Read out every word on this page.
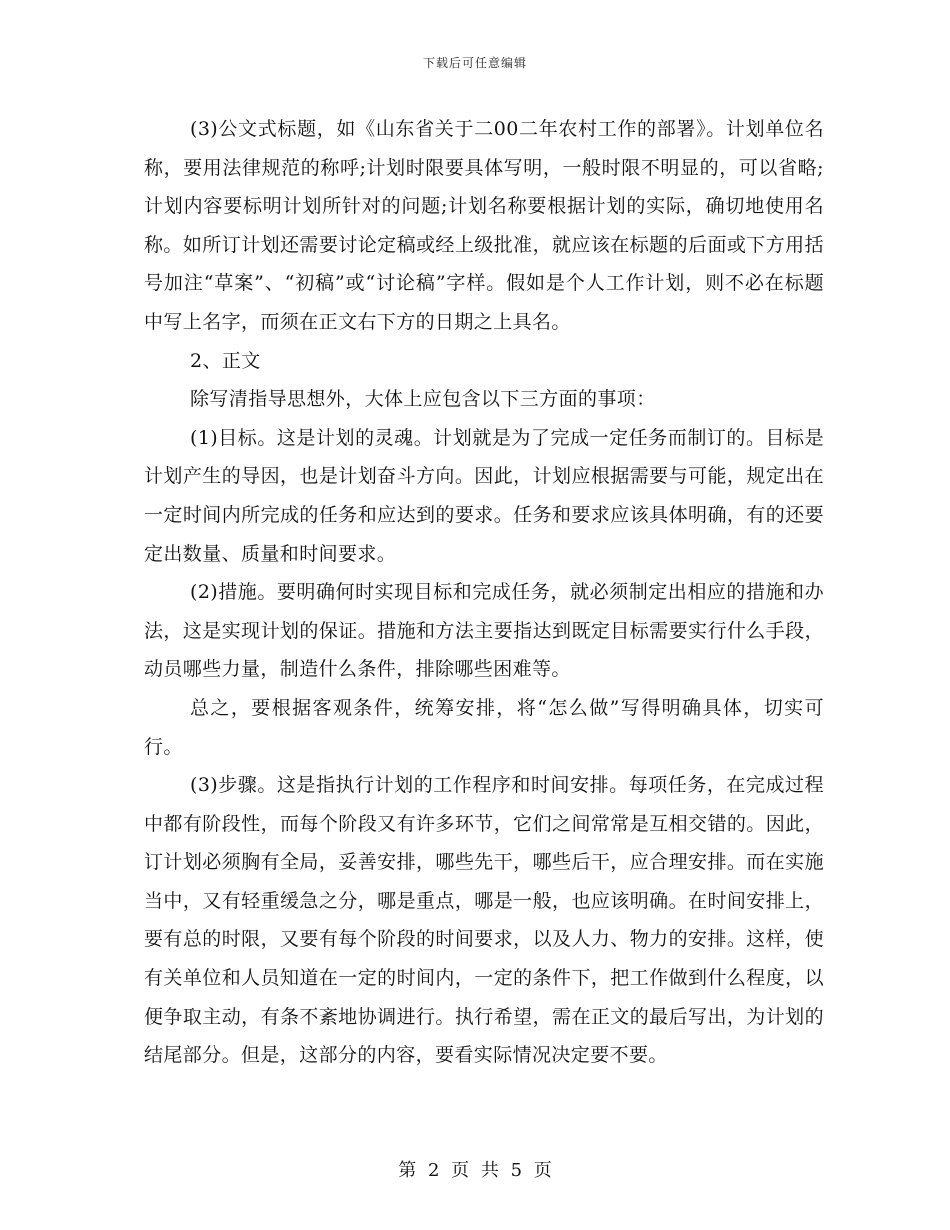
下载后可任意编辑

(3)公文式标题，如《山东省关于二00二年农村工作的部署》。计划单位名称，要用法律规范的称呼;计划时限要具体写明，一般时限不明显的，可以省略;计划内容要标明计划所针对的问题;计划名称要根据计划的实际，确切地使用名称。如所订计划还需要讨论定稿或经上级批准，就应该在标题的后面或下方用括号加注“草案”、“初稿”或“讨论稿”字样。假如是个人工作计划，则不必在标题中写上名字，而须在正文右下方的日期之上具名。

2、正文

除写清指导思想外，大体上应包含以下三方面的事项：

(1)目标。这是计划的灵魂。计划就是为了完成一定任务而制订的。目标是计划产生的导因，也是计划奋斗方向。因此，计划应根据需要与可能，规定出在一定时间内所完成的任务和应达到的要求。任务和要求应该具体明确，有的还要定出数量、质量和时间要求。

(2)措施。要明确何时实现目标和完成任务，就必须制定出相应的措施和办法，这是实现计划的保证。措施和方法主要指达到既定目标需要实行什么手段，动员哪些力量，制造什么条件，排除哪些困难等。

总之，要根据客观条件，统筹安排，将“怎么做”写得明确具体，切实可行。

(3)步骤。这是指执行计划的工作程序和时间安排。每项任务，在完成过程中都有阶段性，而每个阶段又有许多环节，它们之间常常是互相交错的。因此，订计划必须胸有全局，妥善安排，哪些先干，哪些后干，应合理安排。而在实施当中，又有轻重缓急之分，哪是重点，哪是一般，也应该明确。在时间安排上，要有总的时限，又要有每个阶段的时间要求，以及人力、物力的安排。这样，使有关单位和人员知道在一定的时间内，一定的条件下，把工作做到什么程度，以便争取主动，有条不紊地协调进行。执行希望，需在正文的最后写出，为计划的结尾部分。但是，这部分的内容，要看实际情况决定要不要。

第 2 页 共 5 页
